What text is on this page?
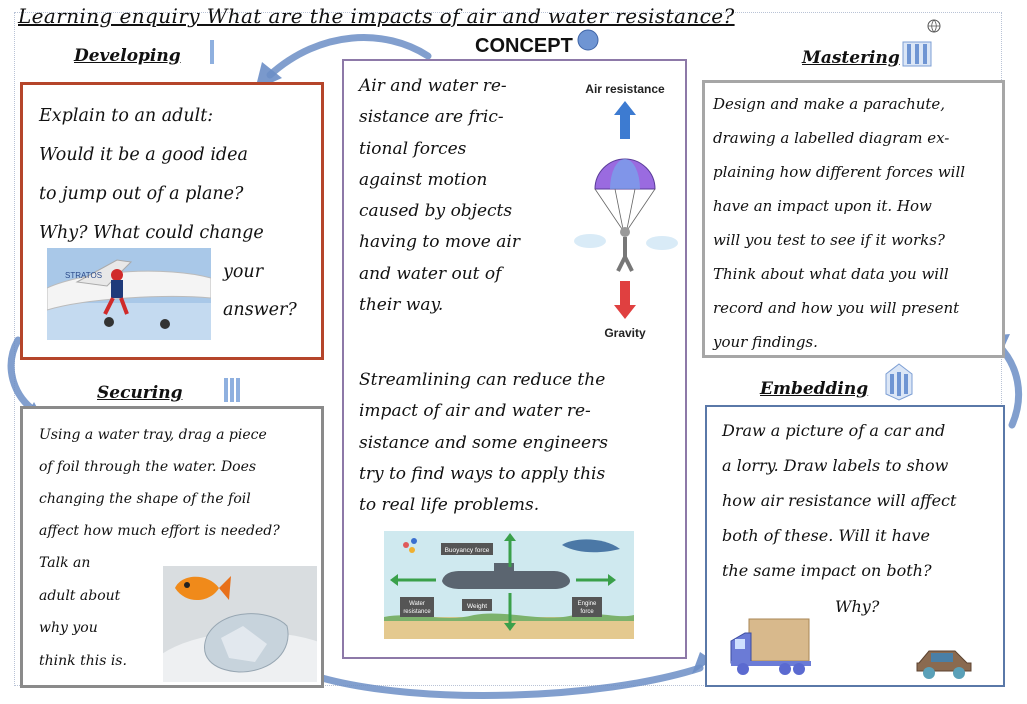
Learning enquiry What are the impacts of air and water resistance?
Developing
Explain to an adult:
Would it be a good idea
to jump out of a plane?
Why? What could change
STRATOS	your
answer?
CONCEPT
Air and water re-
sistance are fric-
tional forces
against motion
caused by objects
having to move air
and water out of
their way.
Air resistance
Gravity
Streamlining can reduce the
impact of air and water re-
sistance and some engineers
try to find ways to apply this
to real life problems.
Buoyancy force
Water resistance
Weight	Engine force
Mastering
Design and make a parachute,
drawing a labelled diagram ex-
plaining how different forces will
have an impact upon it. How
will you test to see if it works?
Think about what data you will
record and how you will present
your findings.
Securing
Using a water tray, drag a piece
of foil through the water. Does
changing the shape of the foil
affect how much effort is needed?
Talk an
adult about
why you
think this is.
Embedding
Draw a picture of a car and
a lorry. Draw labels to show
how air resistance will affect
both of these. Will it have
the same impact on both?
Why?
